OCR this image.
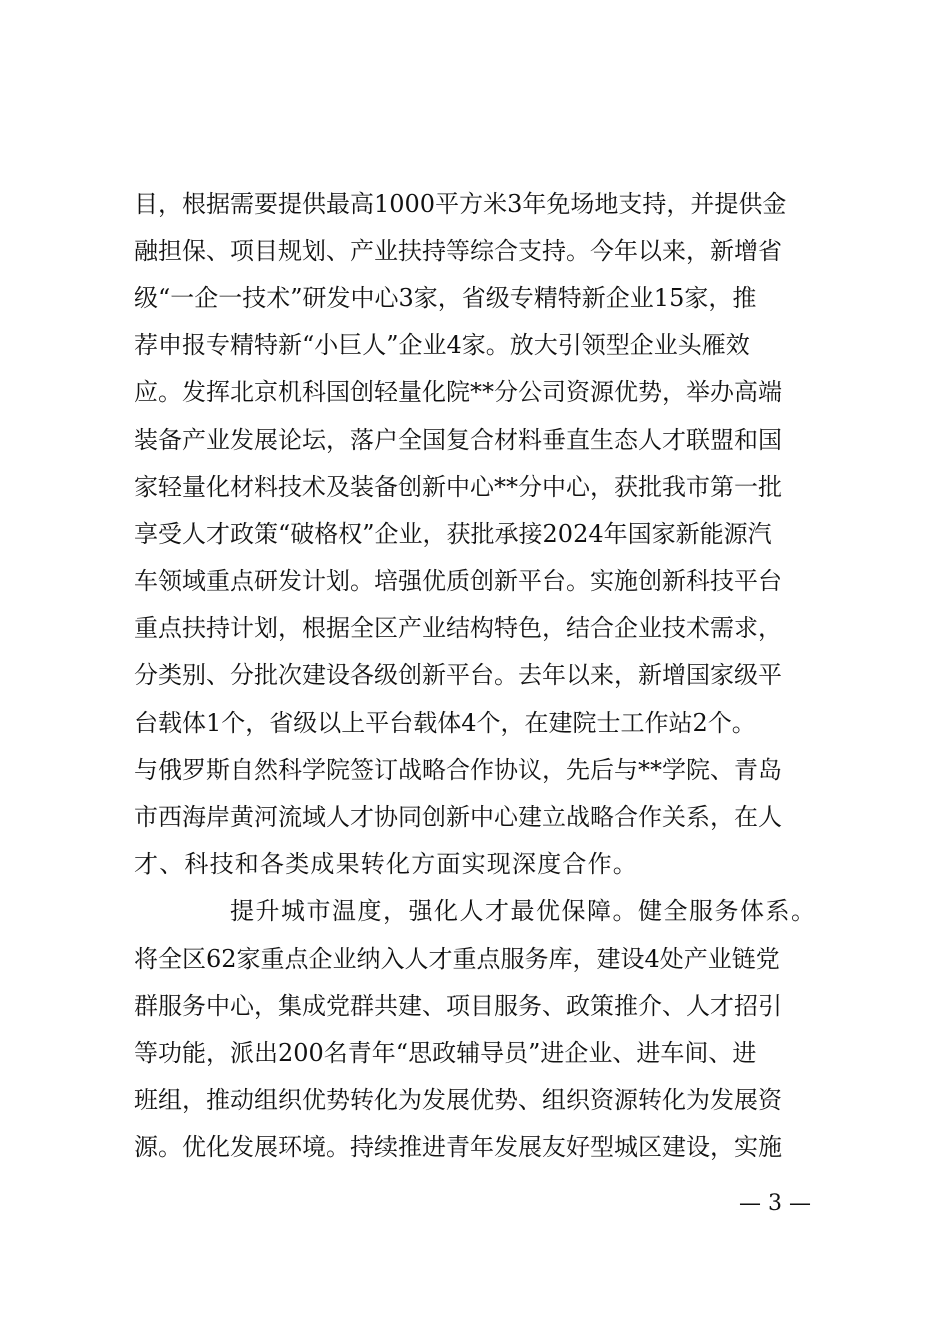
目，根据需要提供最高1000平方米3年免场地支持，并提供金
融担保、项目规划、产业扶持等综合支持。今年以来，新增省
级“一企一技术”研发中心3家，省级专精特新企业15家，推
荐申报专精特新“小巨人”企业4家。放大引领型企业头雁效
应。发挥北京机科国创轻量化院**分公司资源优势，举办高端
装备产业发展论坛，落户全国复合材料垂直生态人才联盟和国
家轻量化材料技术及装备创新中心**分中心，获批我市第一批
享受人才政策“破格权”企业，获批承接2024年国家新能源汽
车领域重点研发计划。培强优质创新平台。实施创新科技平台
重点扶持计划，根据全区产业结构特色，结合企业技术需求，
分类别、分批次建设各级创新平台。去年以来，新增国家级平
台载体1个，省级以上平台载体4个，在建院士工作站2个。
与俄罗斯自然科学院签订战略合作协议，先后与**学院、青岛
市西海岸黄河流域人才协同创新中心建立战略合作关系，在人
才、科技和各类成果转化方面实现深度合作。
提升城市温度，强化人才最优保障。健全服务体系。
将全区62家重点企业纳入人才重点服务库，建设4处产业链党
群服务中心，集成党群共建、项目服务、政策推介、人才招引
等功能，派出200名青年“思政辅导员”进企业、进车间、进
班组，推动组织优势转化为发展优势、组织资源转化为发展资
源。优化发展环境。持续推进青年发展友好型城区建设，实施
— 3 —
